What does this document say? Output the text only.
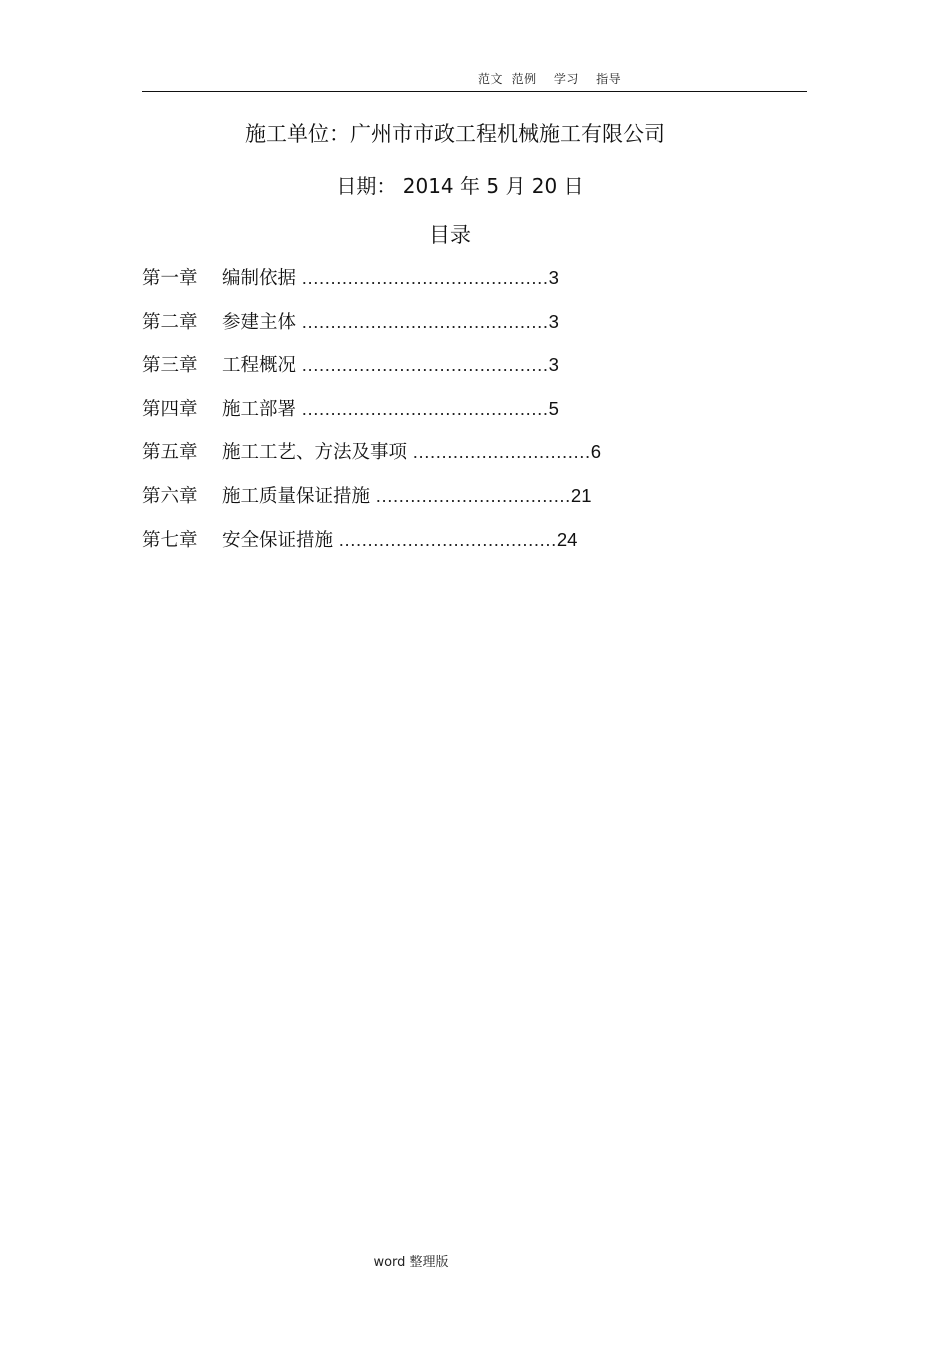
范文  范例    学习    指导
施工单位：广州市市政工程机械施工有限公司
日期： 2014 年 5 月 20 日
目录
第一章 编制依据 ...........................................3
第二章 参建主体 ...........................................3
第三章 工程概况 ...........................................3
第四章 施工部署 ...........................................5
第五章 施工工艺、方法及事项 ...............................6
第六章 施工质量保证措施 ..................................21
第七章 安全保证措施 ......................................24
word 整理版
